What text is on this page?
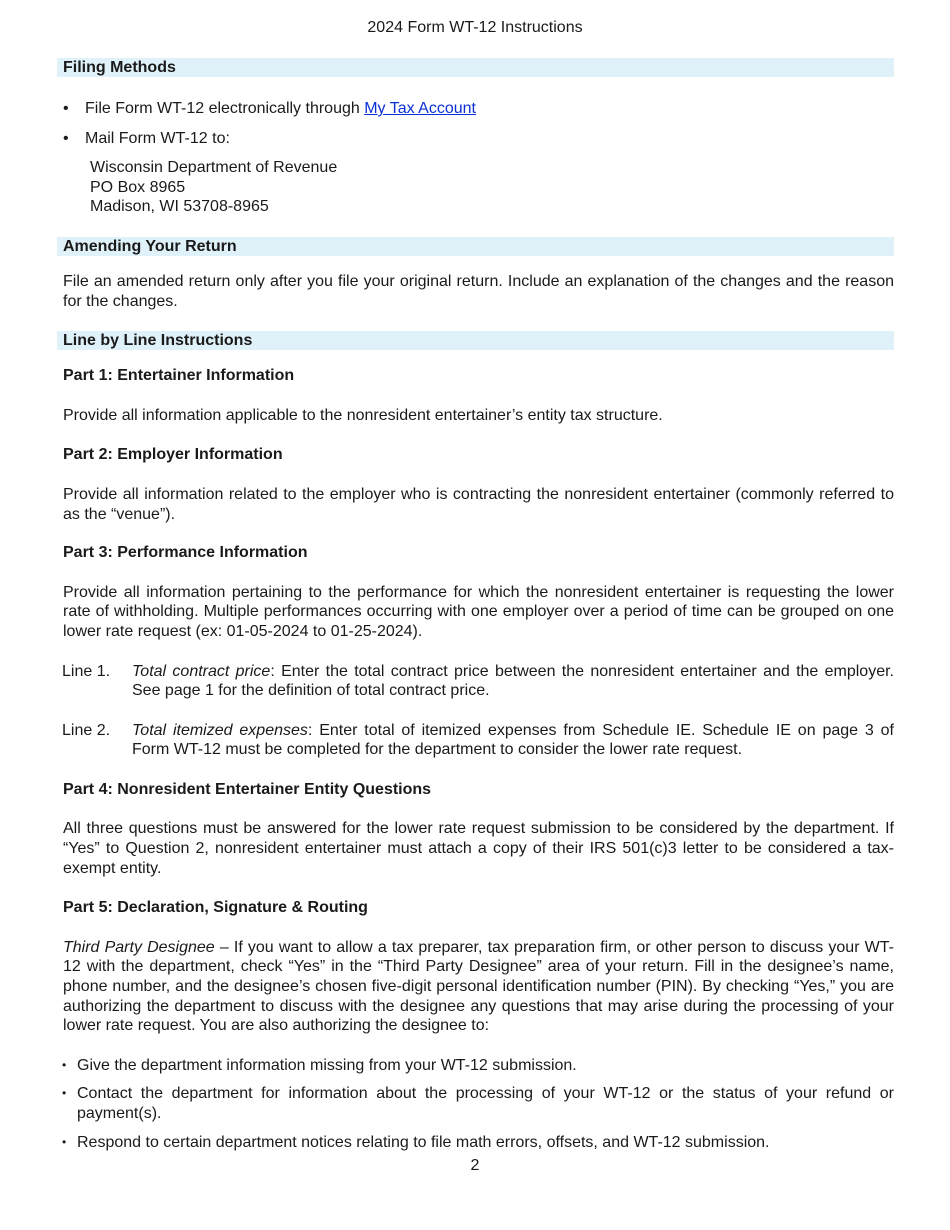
2024 Form WT-12 Instructions
Filing Methods
• File Form WT-12 electronically through My Tax Account
• Mail Form WT-12 to:
Wisconsin Department of Revenue
PO Box 8965
Madison, WI 53708-8965
Amending Your Return

File an amended return only after you file your original return. Include an explanation of the changes and the reason for the changes.

Line by Line Instructions

Part 1: Entertainer Information

Provide all information applicable to the nonresident entertainer’s entity tax structure.

Part 2: Employer Information

Provide all information related to the employer who is contracting the nonresident entertainer (commonly referred to as the “venue”).

Part 3: Performance Information

Provide all information pertaining to the performance for which the nonresident entertainer is requesting the lower rate of withholding. Multiple performances occurring with one employer over a period of time can be grouped on one lower rate request (ex: 01-05-2024 to 01-25-2024).

Line 1. Total contract price: Enter the total contract price between the nonresident entertainer and the employer. See page 1 for the definition of total contract price.
Line 2. Total itemized expenses: Enter total of itemized expenses from Schedule IE. Schedule IE on page 3 of Form WT-12 must be completed for the department to consider the lower rate request.

Part 4: Nonresident Entertainer Entity Questions

All three questions must be answered for the lower rate request submission to be considered by the department. If “Yes” to Question 2, nonresident entertainer must attach a copy of their IRS 501(c)3 letter to be considered a tax-exempt entity.

Part 5: Declaration, Signature & Routing

Third Party Designee – If you want to allow a tax preparer, tax preparation firm, or other person to discuss your WT-12 with the department, check “Yes” in the “Third Party Designee” area of your return. Fill in the designee’s name, phone number, and the designee’s chosen five-digit personal identification number (PIN). By checking “Yes,” you are authorizing the department to discuss with the designee any questions that may arise during the processing of your lower rate request. You are also authorizing the designee to:

• Give the department information missing from your WT-12 submission.
• Contact the department for information about the processing of your WT-12 or the status of your refund or payment(s).
• Respond to certain department notices relating to file math errors, offsets, and WT-12 submission.
2
